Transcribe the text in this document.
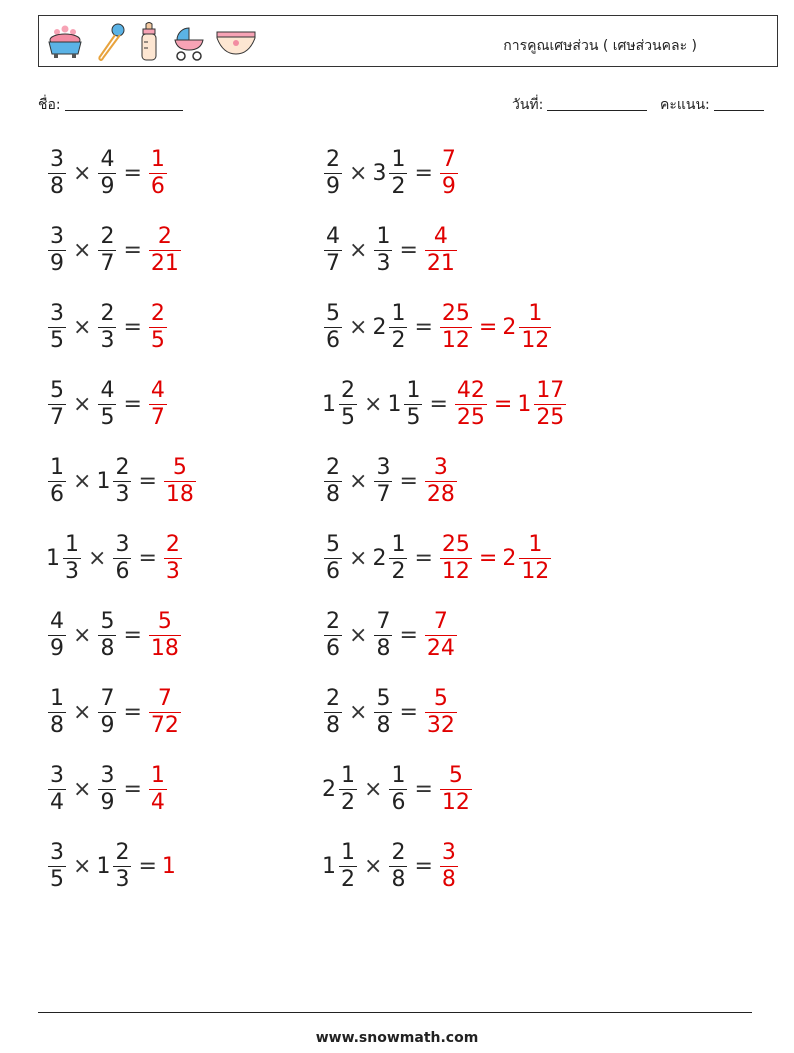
การคูณเศษส่วน ( เศษส่วนคละ )
ชื่อ:	วันที่:	คะแนน:
$\frac{3}{8} \times \frac{4}{9} = \frac{1}{6}$	$\frac{2}{9} \times 3 \frac{1}{2} = \frac{7}{9}$
$\frac{3}{9} \times \frac{2}{7} = \frac{2}{21}$	$\frac{4}{7} \times \frac{1}{3} = \frac{4}{21}$
$\frac{3}{5} \times \frac{2}{3} = \frac{2}{5}$	$\frac{5}{6} \times 2 \frac{1}{2} = \frac{25}{12} = 2 \frac{1}{12}$
$\frac{5}{7} \times \frac{4}{5} = \frac{4}{7}$	$1 \frac{2}{5} \times 1 \frac{1}{5} = \frac{42}{25} = 1 \frac{17}{25}$
$\frac{1}{6} \times 1 \frac{2}{3} = \frac{5}{18}$	$\frac{2}{8} \times \frac{3}{7} = \frac{3}{28}$
$1 \frac{1}{3} \times \frac{3}{6} = \frac{2}{3}$	$\frac{5}{6} \times 2 \frac{1}{2} = \frac{25}{12} = 2 \frac{1}{12}$
$\frac{4}{9} \times \frac{5}{8} = \frac{5}{18}$	$\frac{2}{6} \times \frac{7}{8} = \frac{7}{24}$
$\frac{1}{8} \times \frac{7}{9} = \frac{7}{72}$	$\frac{2}{8} \times \frac{5}{8} = \frac{5}{32}$
$\frac{3}{4} \times \frac{3}{9} = \frac{1}{4}$	$2 \frac{1}{2} \times \frac{1}{6} = \frac{5}{12}$
$\frac{3}{5} \times 1 \frac{2}{3} = 1$	$1 \frac{1}{2} \times \frac{2}{8} = \frac{3}{8}$
www.snowmath.com
